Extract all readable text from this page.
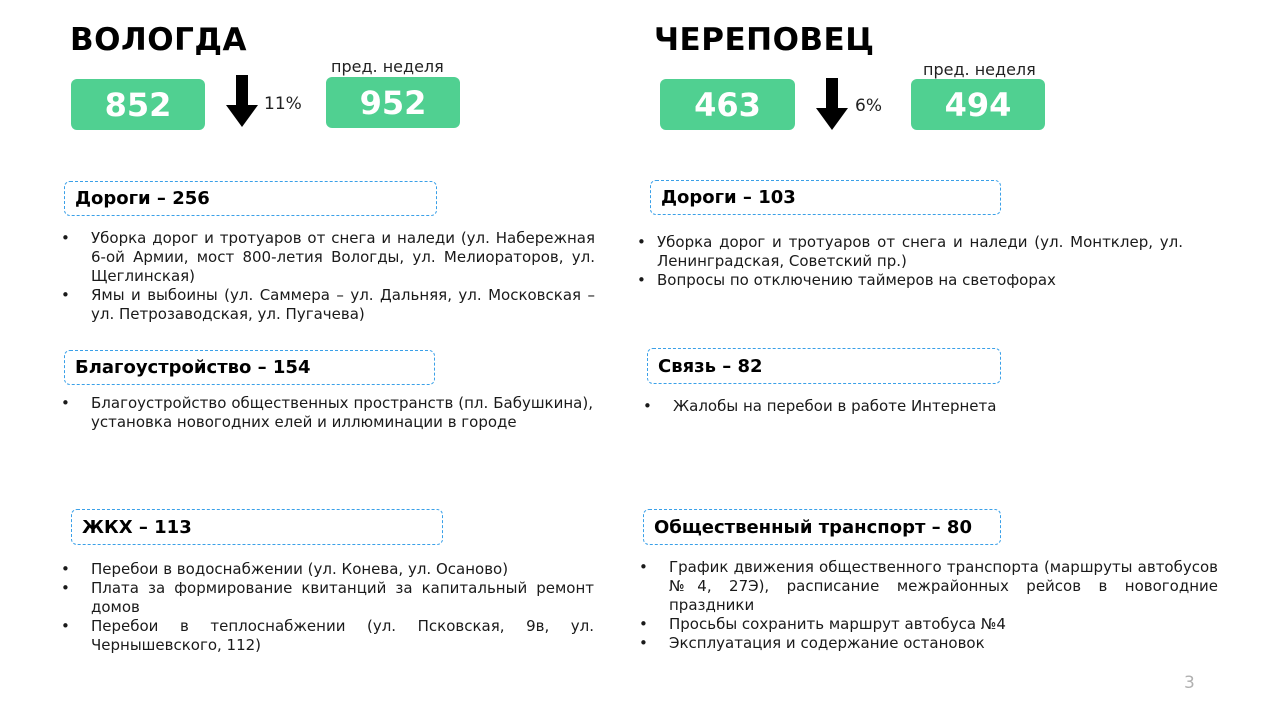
ВОЛОГДА
852	11%
пред. неделя
952
ЧЕРЕПОВЕЦ
463	6%
пред. неделя
494
Дороги – 256
• Уборка дорог и тротуаров от снега и наледи (ул. Набережная 6-ой Армии, мост 800-летия Вологды, ул. Мелиораторов, ул. Щеглинская)
• Ямы и выбоины (ул. Саммера – ул. Дальняя, ул. Московская – ул. Петрозаводская, ул. Пугачева)
Благоустройство – 154
• Благоустройство общественных пространств (пл. Бабушкина), установка новогодних елей и иллюминации в городе
ЖКХ – 113
• Перебои в водоснабжении (ул. Конева, ул. Осаново)
• Плата за формирование квитанций за капитальный ремонт домов
• Перебои в теплоснабжении (ул. Псковская, 9в, ул. Чернышевского, 112)
Дороги – 103
• Уборка дорог и тротуаров от снега и наледи (ул. Монтклер, ул. Ленинградская, Советский пр.)
• Вопросы по отключению таймеров на светофорах
Связь – 82
• Жалобы на перебои в работе Интернета
Общественный транспорт – 80
• График движения общественного транспорта (маршруты автобусов №4, 27Э), расписание межрайонных рейсов в новогодние праздники
• Просьбы сохранить маршрут автобуса №4
• Эксплуатация и содержание остановок
3
